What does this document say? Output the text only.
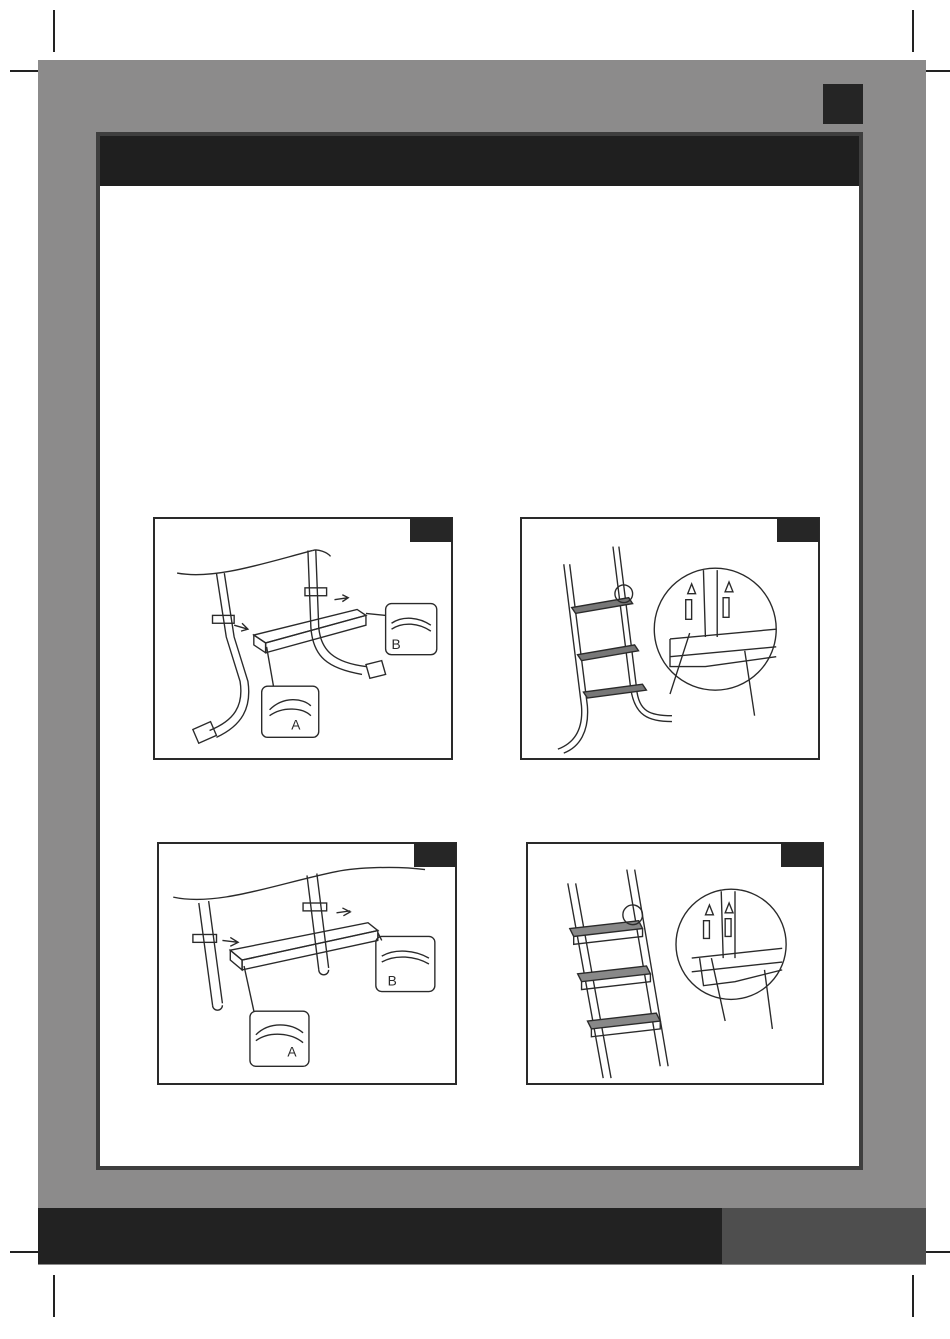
A
B
A
B
